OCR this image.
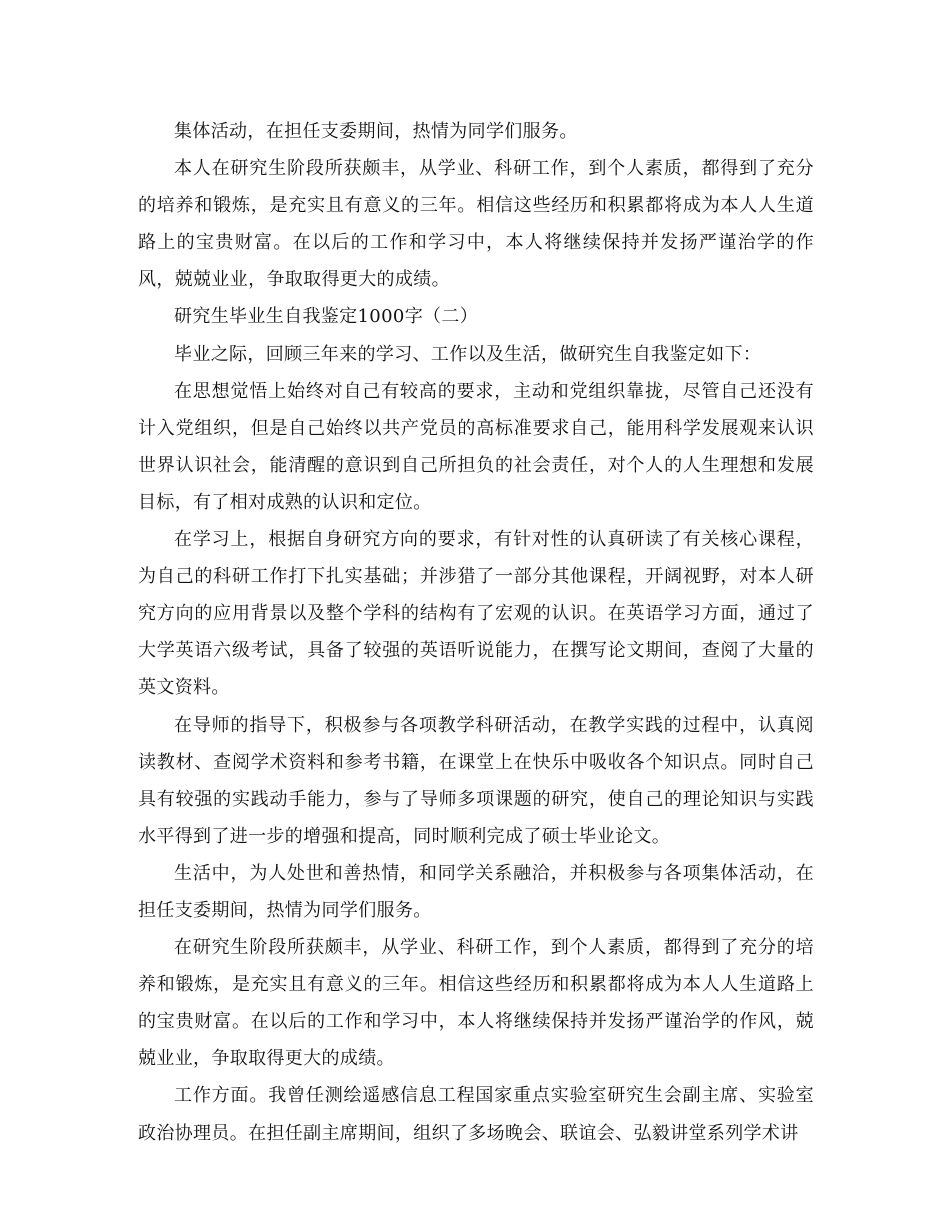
集体活动，在担任支委期间，热情为同学们服务。

本人在研究生阶段所获颇丰，从学业、科研工作，到个人素质，都得到了充分的培养和锻炼，是充实且有意义的三年。相信这些经历和积累都将成为本人人生道路上的宝贵财富。在以后的工作和学习中，本人将继续保持并发扬严谨治学的作风，兢兢业业，争取取得更大的成绩。

研究生毕业生自我鉴定1000字（二）

毕业之际，回顾三年来的学习、工作以及生活，做研究生自我鉴定如下：

在思想觉悟上始终对自己有较高的要求，主动和党组织靠拢，尽管自己还没有计入党组织，但是自己始终以共产党员的高标准要求自己，能用科学发展观来认识世界认识社会，能清醒的意识到自己所担负的社会责任，对个人的人生理想和发展目标，有了相对成熟的认识和定位。

在学习上，根据自身研究方向的要求，有针对性的认真研读了有关核心课程，为自己的科研工作打下扎实基础；并涉猎了一部分其他课程，开阔视野，对本人研究方向的应用背景以及整个学科的结构有了宏观的认识。在英语学习方面，通过了大学英语六级考试，具备了较强的英语听说能力，在撰写论文期间，查阅了大量的英文资料。

在导师的指导下，积极参与各项教学科研活动，在教学实践的过程中，认真阅读教材、查阅学术资料和参考书籍，在课堂上在快乐中吸收各个知识点。同时自己具有较强的实践动手能力，参与了导师多项课题的研究，使自己的理论知识与实践水平得到了进一步的增强和提高，同时顺利完成了硕士毕业论文。

生活中，为人处世和善热情，和同学关系融洽，并积极参与各项集体活动，在担任支委期间，热情为同学们服务。

在研究生阶段所获颇丰，从学业、科研工作，到个人素质，都得到了充分的培养和锻炼，是充实且有意义的三年。相信这些经历和积累都将成为本人人生道路上的宝贵财富。在以后的工作和学习中，本人将继续保持并发扬严谨治学的作风，兢兢业业，争取取得更大的成绩。

工作方面。我曾任测绘遥感信息工程国家重点实验室研究生会副主席、实验室政治协理员。在担任副主席期间，组织了多场晚会、联谊会、弘毅讲堂系列学术讲
